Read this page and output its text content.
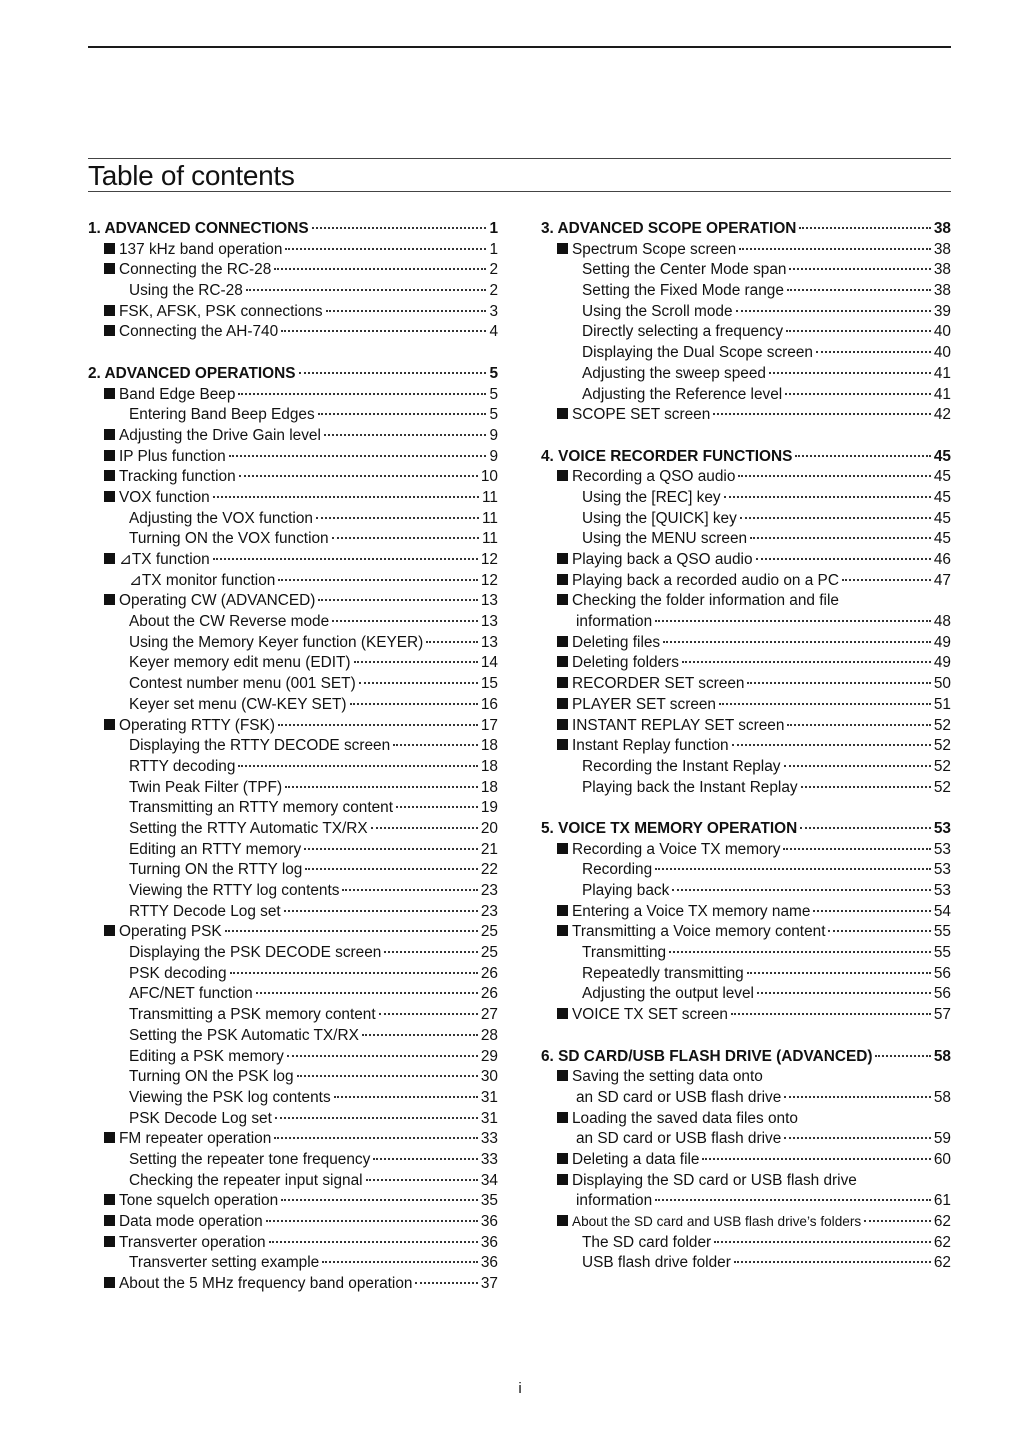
Table of contents
1. ADVANCED CONNECTIONS	1
137 kHz band operation	1
Connecting the RC-28	2
Using the RC-28	2
FSK, AFSK, PSK connections	3
Connecting the AH-740	4
2. ADVANCED OPERATIONS	5
Band Edge Beep	5
Entering Band Beep Edges	5
Adjusting the Drive Gain level	9
IP Plus function	9
Tracking function	10
VOX function	11
Adjusting the VOX function	11
Turning ON the VOX function	11
⊿TX function	12
⊿TX monitor function	12
Operating CW (ADVANCED)	13
About the CW Reverse mode	13
Using the Memory Keyer function (KEYER)	13
Keyer memory edit menu (EDIT)	14
Contest number menu (001 SET)	15
Keyer set menu (CW-KEY SET)	16
Operating RTTY (FSK)	17
Displaying the RTTY DECODE screen	18
RTTY decoding	18
Twin Peak Filter (TPF)	18
Transmitting an RTTY memory content	19
Setting the RTTY Automatic TX/RX	20
Editing an RTTY memory	21
Turning ON the RTTY log	22
Viewing the RTTY log contents	23
RTTY Decode Log set	23
Operating PSK	25
Displaying the PSK DECODE screen	25
PSK decoding	26
AFC/NET function	26
Transmitting a PSK memory content	27
Setting the PSK Automatic TX/RX	28
Editing a PSK memory	29
Turning ON the PSK log	30
Viewing the PSK log contents	31
PSK Decode Log set	31
FM repeater operation	33
Setting the repeater tone frequency	33
Checking the repeater input signal	34
Tone squelch operation	35
Data mode operation	36
Transverter operation	36
Transverter setting example	36
About the 5 MHz frequency band operation	37
3. ADVANCED SCOPE OPERATION	38
Spectrum Scope screen	38
Setting the Center Mode span	38
Setting the Fixed Mode range	38
Using the Scroll mode	39
Directly selecting a frequency	40
Displaying the Dual Scope screen	40
Adjusting the sweep speed	41
Adjusting the Reference level	41
SCOPE SET screen	42
4. VOICE RECORDER FUNCTIONS	45
Recording a QSO audio	45
Using the [REC] key	45
Using the [QUICK] key	45
Using the MENU screen	45
Playing back a QSO audio	46
Playing back a recorded audio on a PC	47
Checking the folder information and file
information	48
Deleting files	49
Deleting folders	49
RECORDER SET screen	50
PLAYER SET screen	51
INSTANT REPLAY SET screen	52
Instant Replay function	52
Recording the Instant Replay	52
Playing back the Instant Replay	52
5. VOICE TX MEMORY OPERATION	53
Recording a Voice TX memory	53
Recording	53
Playing back	53
Entering a Voice TX memory name	54
Transmitting a Voice memory content	55
Transmitting	55
Repeatedly transmitting	56
Adjusting the output level	56
VOICE TX SET screen	57
6. SD CARD/USB FLASH DRIVE (ADVANCED)	58
Saving the setting data onto
an SD card or USB flash drive	58
Loading the saved data files onto
an SD card or USB flash drive	59
Deleting a data file	60
Displaying the SD card or USB flash drive
information	61
About the SD card and USB flash drive’s folders	62
The SD card folder	62
USB flash drive folder	62
i
